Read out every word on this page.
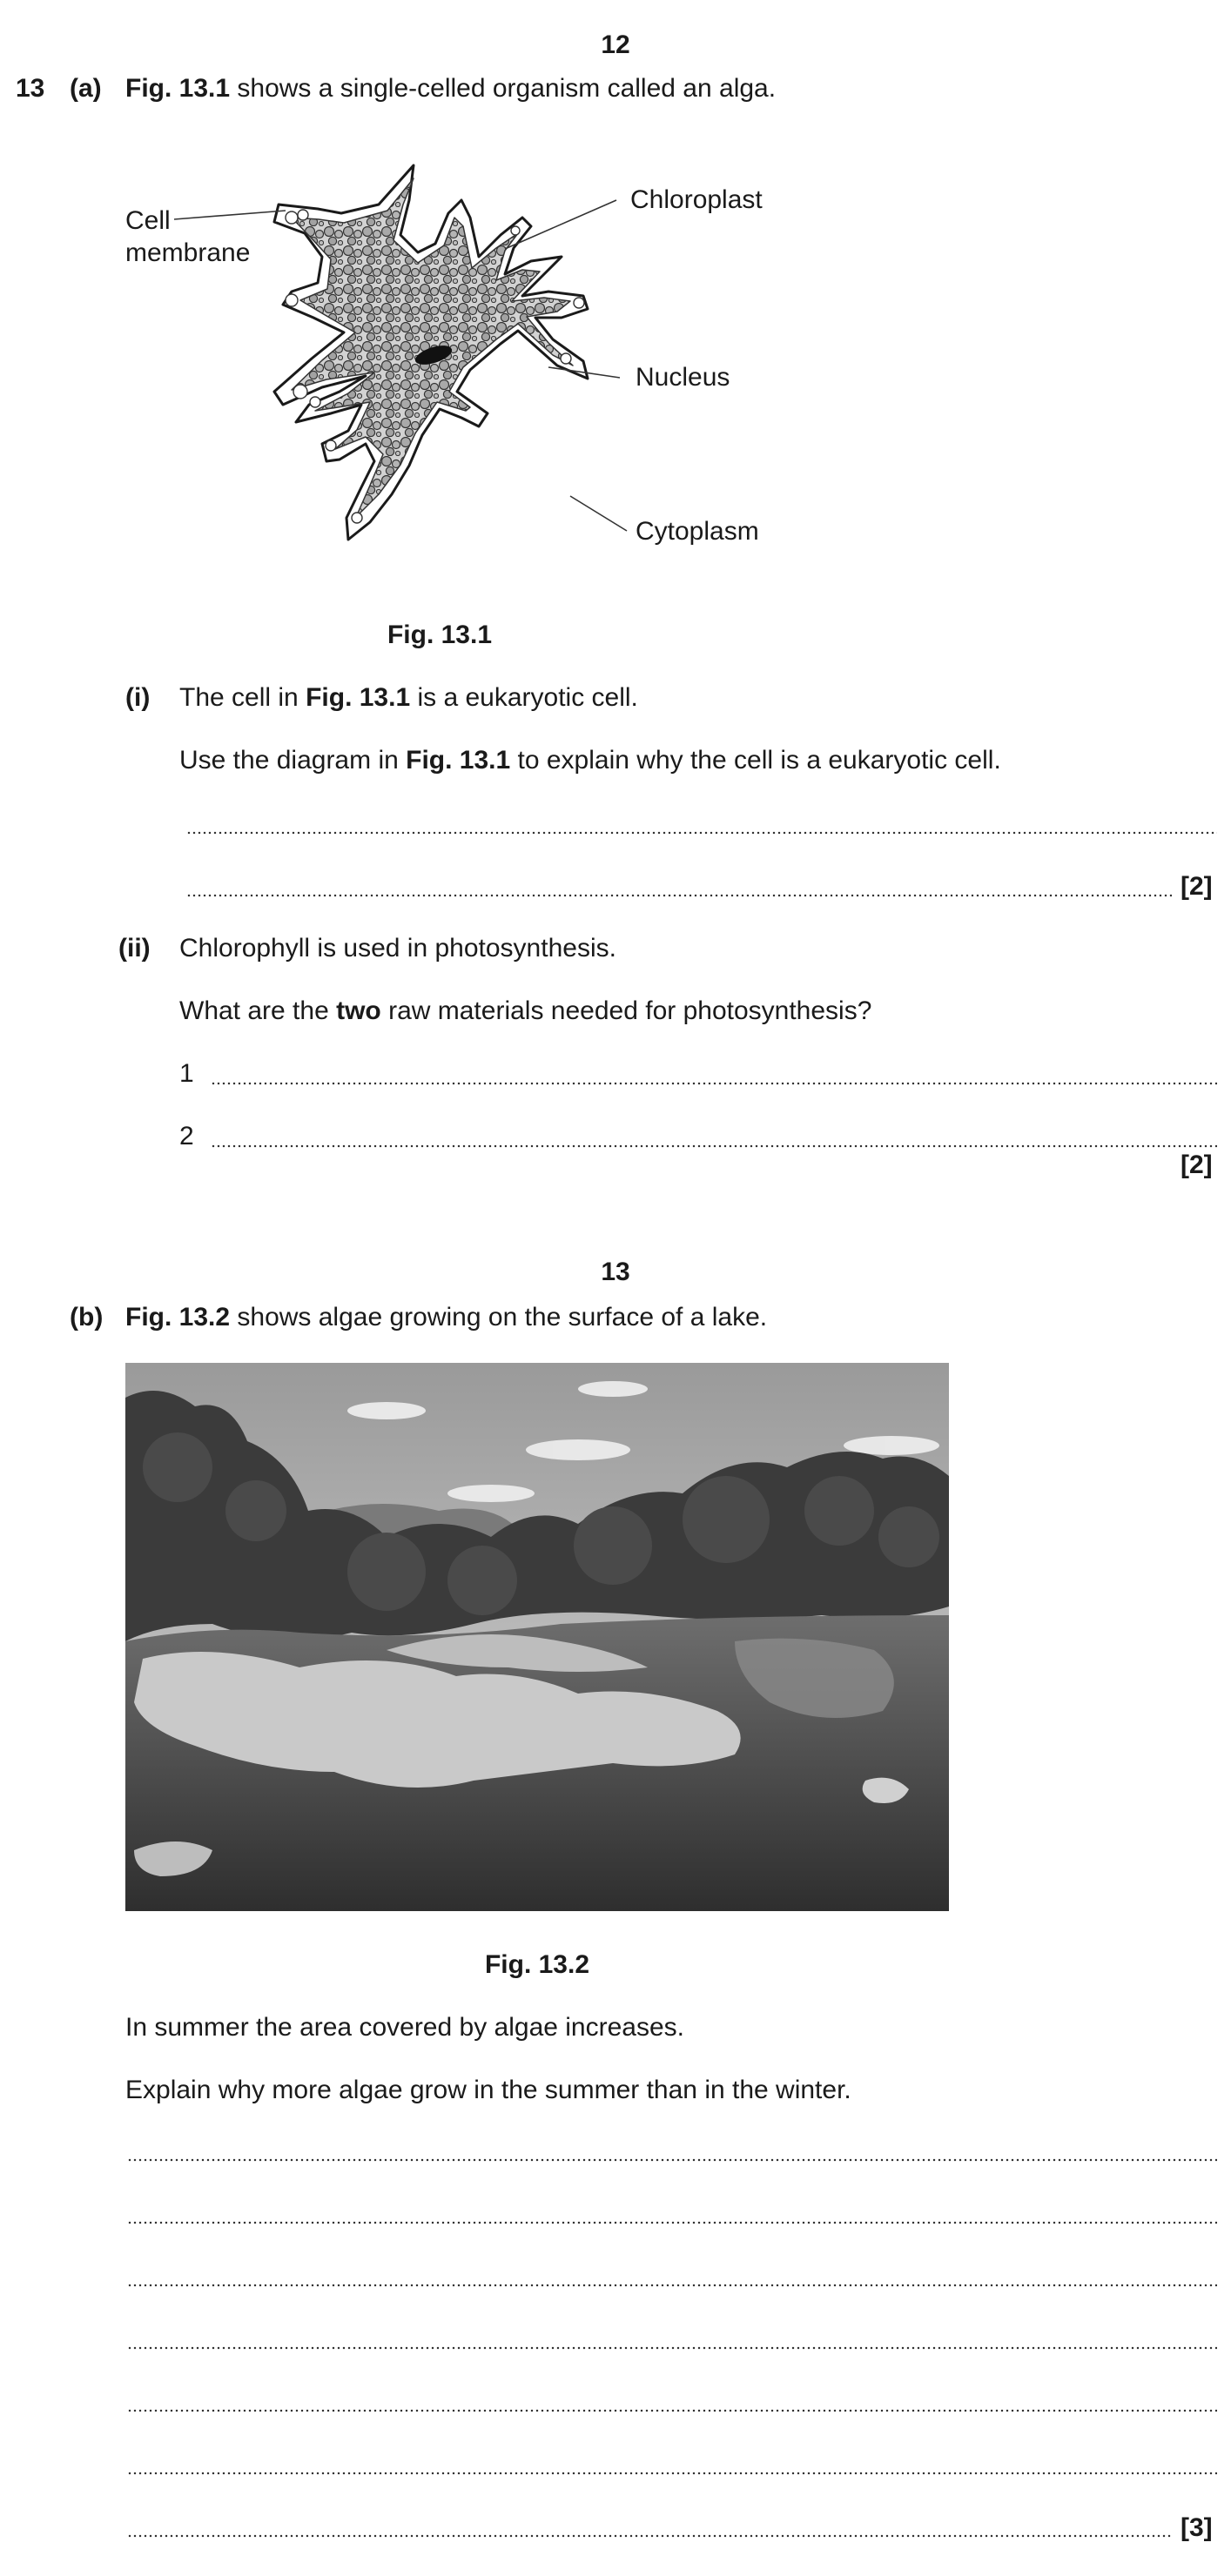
12
13 (a) Fig. 13.1 shows a single-celled organism called an alga.
Cell
membrane
Chloroplast
Nucleus
Cytoplasm
Fig. 13.1
(i) The cell in Fig. 13.1 is a eukaryotic cell.
Use the diagram in Fig. 13.1 to explain why the cell is a eukaryotic cell.
[2]
(ii) Chlorophyll is used in photosynthesis.
What are the two raw materials needed for photosynthesis?
1
2
[2]
13
(b) Fig. 13.2 shows algae growing on the surface of a lake.
Fig. 13.2
In summer the area covered by algae increases.
Explain why more algae grow in the summer than in the winter.
[3]
